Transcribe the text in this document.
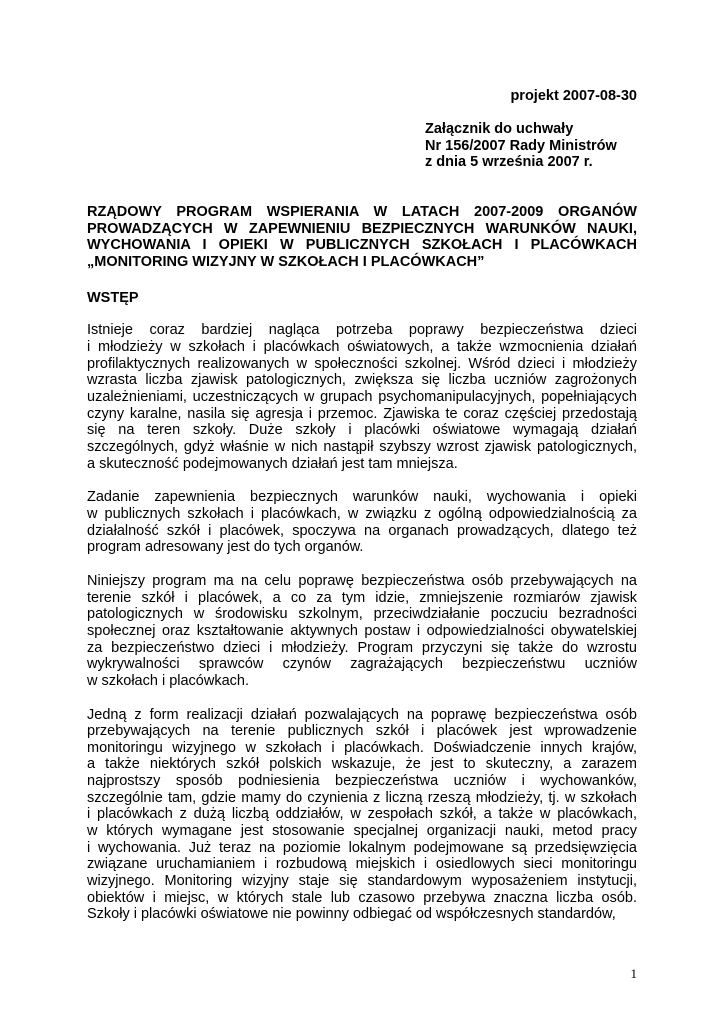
projekt 2007-08-30
Załącznik do uchwały
Nr 156/2007 Rady Ministrów
z dnia 5 września 2007 r.
RZĄDOWY PROGRAM WSPIERANIA W LATACH 2007-2009 ORGANÓW
PROWADZĄCYCH W ZAPEWNIENIU BEZPIECZNYCH WARUNKÓW NAUKI,
WYCHOWANIA I OPIEKI W PUBLICZNYCH SZKOŁACH I PLACÓWKACH
„MONITORING WIZYJNY W SZKOŁACH I PLACÓWKACH”
WSTĘP

Istnieje coraz bardziej nagląca potrzeba poprawy bezpieczeństwa dzieci
i młodzieży w szkołach i placówkach oświatowych, a także wzmocnienia działań
profilaktycznych realizowanych w społeczności szkolnej. Wśród dzieci i młodzieży
wzrasta liczba zjawisk patologicznych, zwiększa się liczba uczniów zagrożonych
uzależnieniami, uczestniczących w grupach psychomanipulacyjnych, popełniających
czyny karalne, nasila się agresja i przemoc. Zjawiska te coraz częściej przedostają
się na teren szkoły. Duże szkoły i placówki oświatowe wymagają działań
szczególnych, gdyż właśnie w nich nastąpił szybszy wzrost zjawisk patologicznych,
a skuteczność podejmowanych działań jest tam mniejsza.

Zadanie zapewnienia bezpiecznych warunków nauki, wychowania i opieki
w publicznych szkołach i placówkach, w związku z ogólną odpowiedzialnością za
działalność szkół i placówek, spoczywa na organach prowadzących, dlatego też
program adresowany jest do tych organów.

Niniejszy program ma na celu poprawę bezpieczeństwa osób przebywających na
terenie szkół i placówek, a co za tym idzie, zmniejszenie rozmiarów zjawisk
patologicznych w środowisku szkolnym, przeciwdziałanie poczuciu bezradności
społecznej oraz kształtowanie aktywnych postaw i odpowiedzialności obywatelskiej
za bezpieczeństwo dzieci i młodzieży. Program przyczyni się także do wzrostu
wykrywalności sprawców czynów zagrażających bezpieczeństwu uczniów
w szkołach i placówkach.

Jedną z form realizacji działań pozwalających na poprawę bezpieczeństwa osób
przebywających na terenie publicznych szkół i placówek jest wprowadzenie
monitoringu wizyjnego w szkołach i placówkach. Doświadczenie innych krajów,
a także niektórych szkół polskich wskazuje, że jest to skuteczny, a zarazem
najprostszy sposób podniesienia bezpieczeństwa uczniów i wychowanków,
szczególnie tam, gdzie mamy do czynienia z liczną rzeszą młodzieży, tj. w szkołach
i placówkach z dużą liczbą oddziałów, w zespołach szkół, a także w placówkach,
w których wymagane jest stosowanie specjalnej organizacji nauki, metod pracy
i wychowania. Już teraz na poziomie lokalnym podejmowane są przedsięwzięcia
związane uruchamianiem i rozbudową miejskich i osiedlowych sieci monitoringu
wizyjnego. Monitoring wizyjny staje się standardowym wyposażeniem instytucji,
obiektów i miejsc, w których stale lub czasowo przebywa znaczna liczba osób.
Szkoły i placówki oświatowe nie powinny odbiegać od współczesnych standardów,

1
